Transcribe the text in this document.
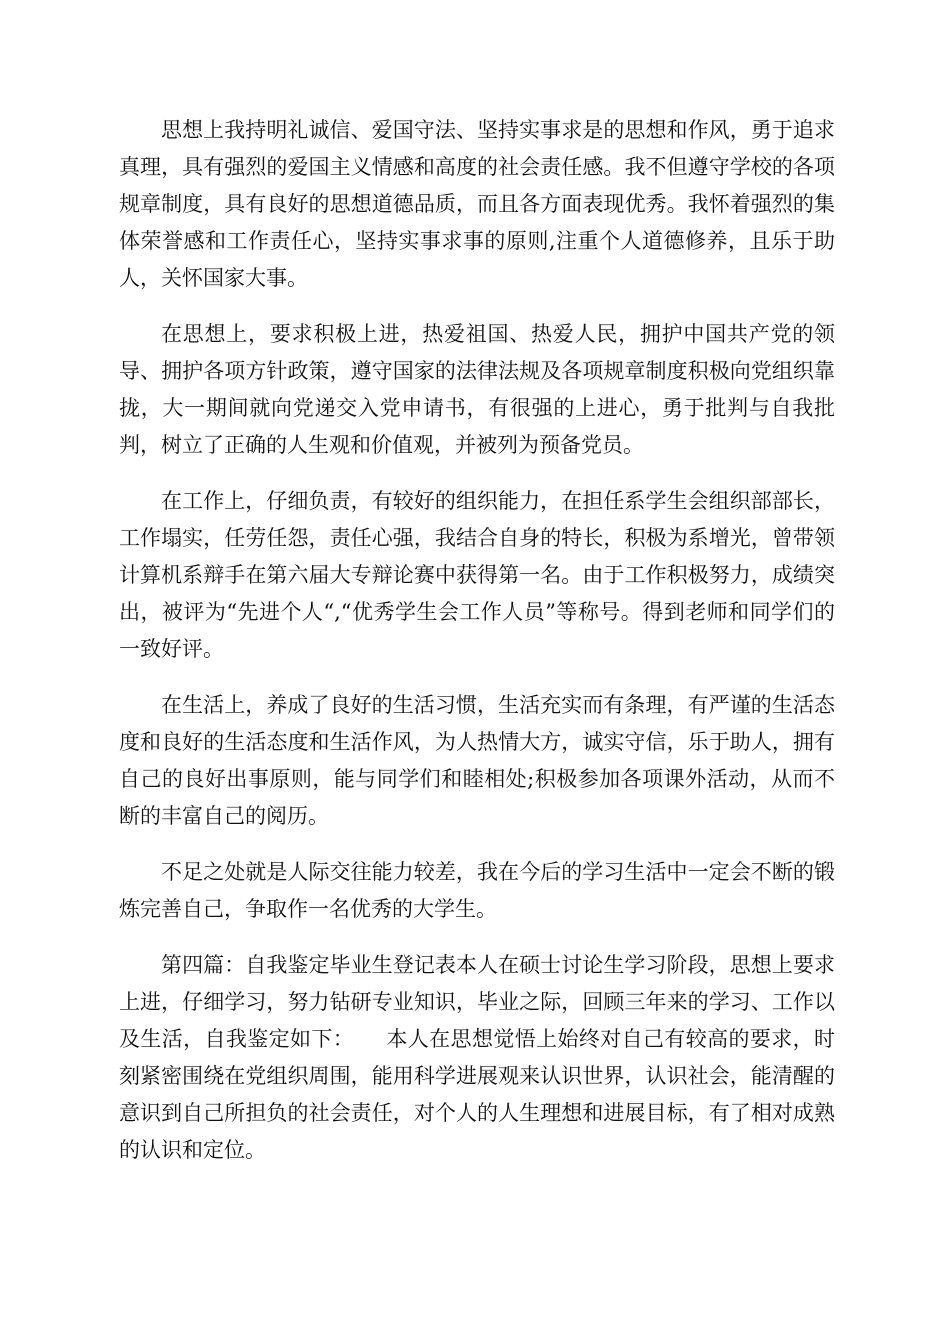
思想上我持明礼诚信、爱国守法、坚持实事求是的思想和作风，勇于追求真理，具有强烈的爱国主义情感和高度的社会责任感。我不但遵守学校的各项规章制度，具有良好的思想道德品质，而且各方面表现优秀。我怀着强烈的集体荣誉感和工作责任心，坚持实事求事的原则,注重个人道德修养，且乐于助人，关怀国家大事。

在思想上，要求积极上进，热爱祖国、热爱人民，拥护中国共产党的领导、拥护各项方针政策，遵守国家的法律法规及各项规章制度积极向党组织靠拢，大一期间就向党递交入党申请书，有很强的上进心，勇于批判与自我批判，树立了正确的人生观和价值观，并被列为预备党员。

在工作上，仔细负责，有较好的组织能力，在担任系学生会组织部部长，工作塌实，任劳任怨，责任心强，我结合自身的特长，积极为系增光，曾带领计算机系辩手在第六届大专辩论赛中获得第一名。由于工作积极努力，成绩突出，被评为“先进个人“,“优秀学生会工作人员”等称号。得到老师和同学们的一致好评。

在生活上，养成了良好的生活习惯，生活充实而有条理，有严谨的生活态度和良好的生活态度和生活作风，为人热情大方，诚实守信，乐于助人，拥有自己的良好出事原则，能与同学们和睦相处;积极参加各项课外活动，从而不断的丰富自己的阅历。

不足之处就是人际交往能力较差，我在今后的学习生活中一定会不断的锻炼完善自己，争取作一名优秀的大学生。

第四篇：自我鉴定毕业生登记表本人在硕士讨论生学习阶段，思想上要求上进，仔细学习，努力钻研专业知识，毕业之际，回顾三年来的学习、工作以及生活，自我鉴定如下：　　本人在思想觉悟上始终对自己有较高的要求，时刻紧密围绕在党组织周围，能用科学进展观来认识世界，认识社会，能清醒的意识到自己所担负的社会责任，对个人的人生理想和进展目标，有了相对成熟的认识和定位。
